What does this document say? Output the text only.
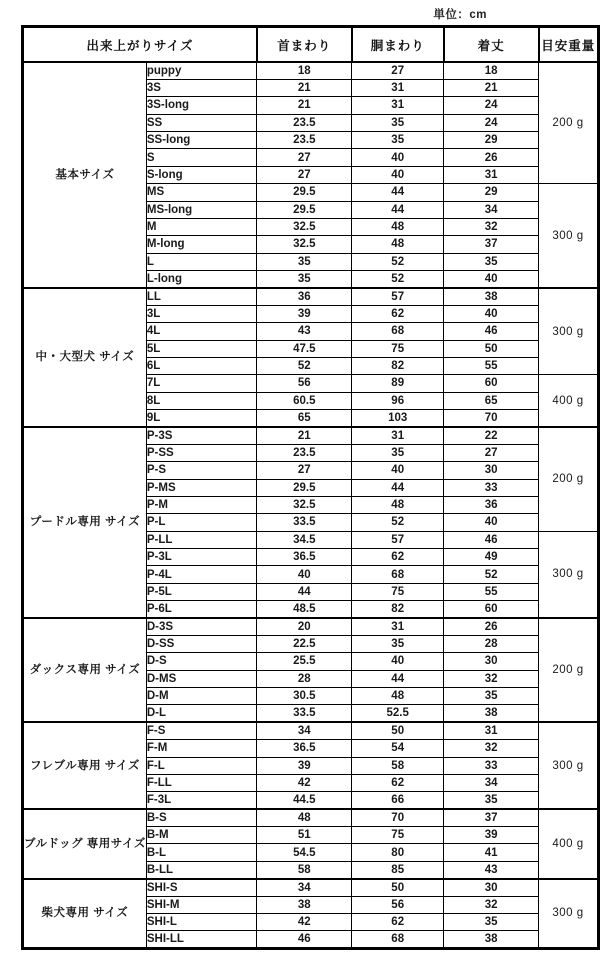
単位：cm
出来上がりサイズ		首まわり	胴まわり	着丈	目安重量
基本サイズ	puppy	18	27	18	200 g
	3S	21	31	21	
	3S-long	21	31	24	
	SS	23.5	35	24	
	SS-long	23.5	35	29	
	S	27	40	26	
	S-long	27	40	31	
	MS	29.5	44	29	300 g
	MS-long	29.5	44	34	
	M	32.5	48	32	
	M-long	32.5	48	37	
	L	35	52	35	
	L-long	35	52	40	
中・大型犬 サイズ	LL	36	57	38	300 g
	3L	39	62	40	
	4L	43	68	46	
	5L	47.5	75	50	
	6L	52	82	55	
	7L	56	89	60	400 g
	8L	60.5	96	65	
	9L	65	103	70	
プードル専用 サイズ	P-3S	21	31	22	200 g
	P-SS	23.5	35	27	
	P-S	27	40	30	
	P-MS	29.5	44	33	
	P-M	32.5	48	36	
	P-L	33.5	52	40	
	P-LL	34.5	57	46	300 g
	P-3L	36.5	62	49	
	P-4L	40	68	52	
	P-5L	44	75	55	
	P-6L	48.5	82	60	
ダックス専用 サイズ	D-3S	20	31	26	200 g
	D-SS	22.5	35	28	
	D-S	25.5	40	30	
	D-MS	28	44	32	
	D-M	30.5	48	35	
	D-L	33.5	52.5	38	
フレブル専用 サイズ	F-S	34	50	31	300 g
	F-M	36.5	54	32	
	F-L	39	58	33	
	F-LL	42	62	34	
	F-3L	44.5	66	35	
ブルドッグ 専用サイズ	B-S	48	70	37	400 g
	B-M	51	75	39	
	B-L	54.5	80	41	
	B-LL	58	85	43	
柴犬専用 サイズ	SHI-S	34	50	30	300 g
	SHI-M	38	56	32	
	SHI-L	42	62	35	
	SHI-LL	46	68	38	
